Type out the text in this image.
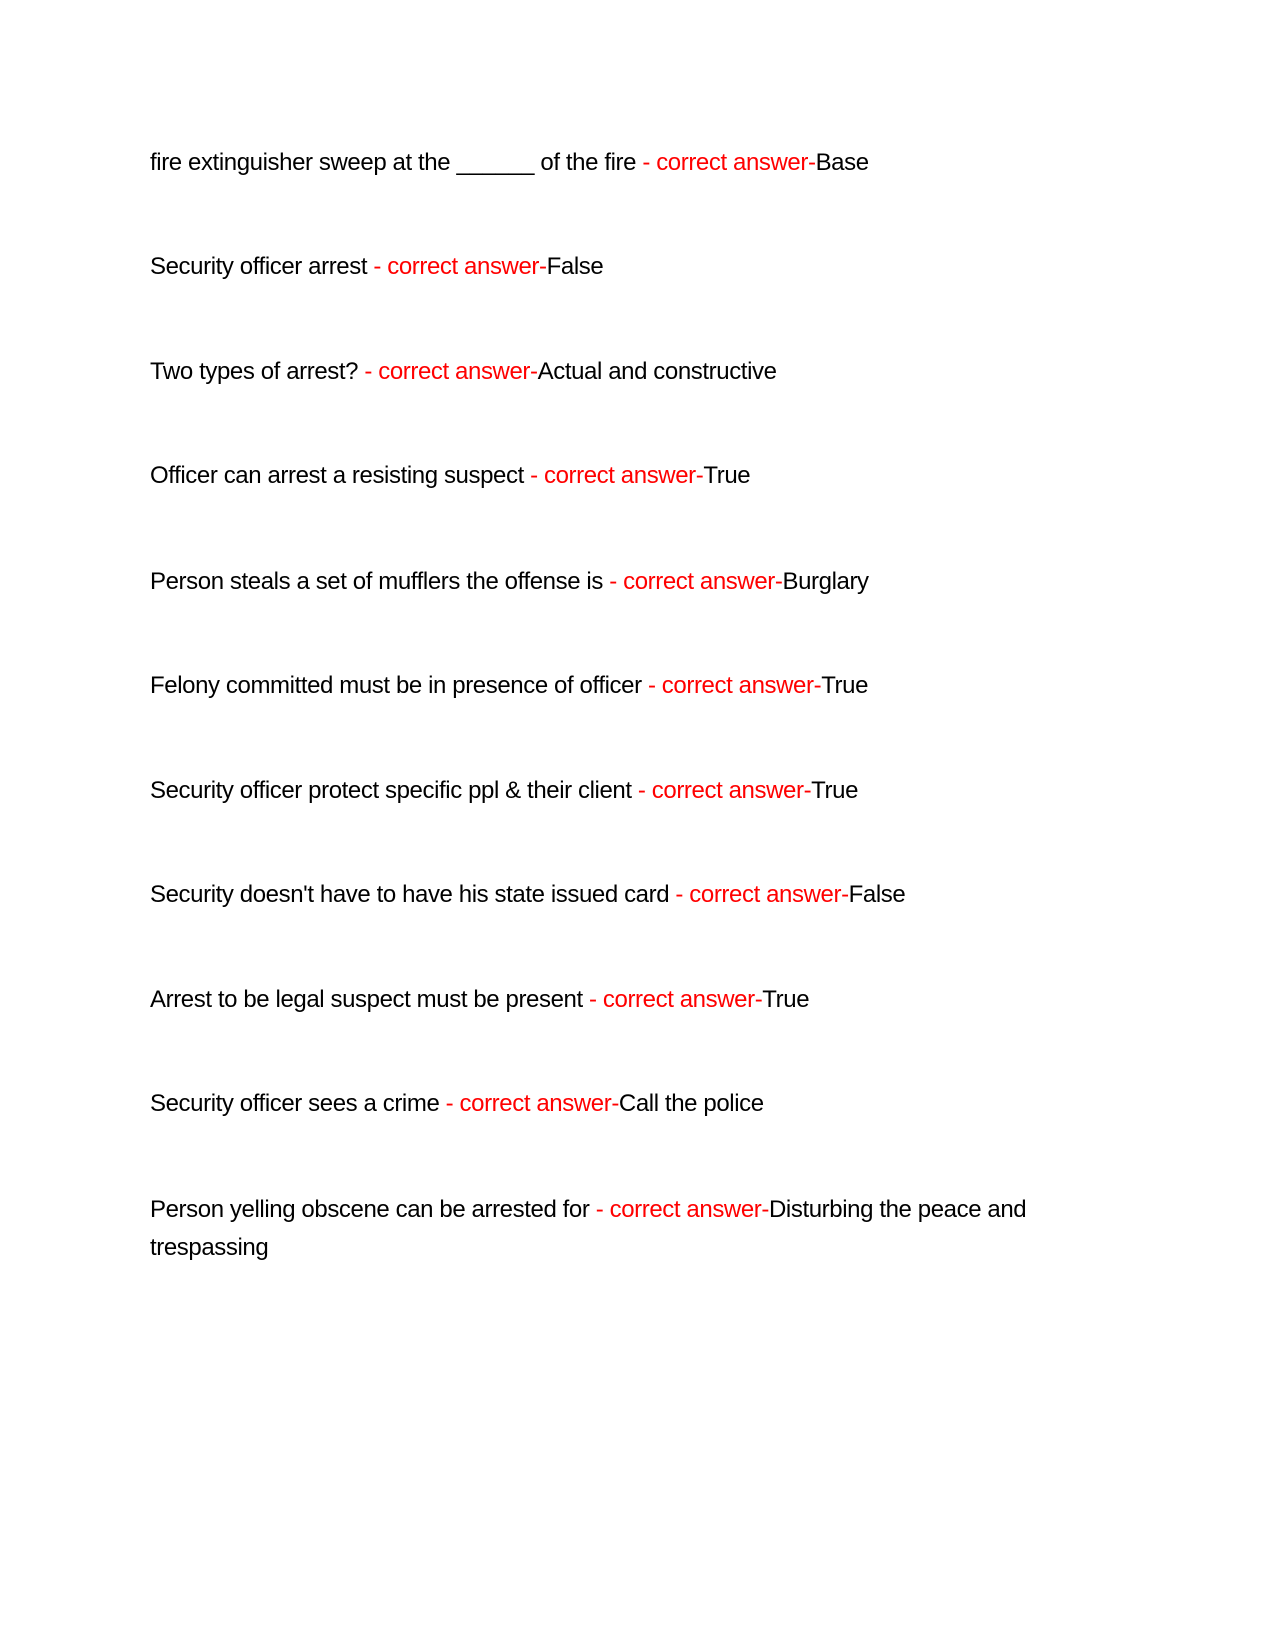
fire extinguisher sweep at the ______ of the fire - correct answer-Base

Security officer arrest - correct answer-False

Two types of arrest? - correct answer-Actual and constructive

Officer can arrest a resisting suspect - correct answer-True

Person steals a set of mufflers the offense is - correct answer-Burglary

Felony committed must be in presence of officer - correct answer-True

Security officer protect specific ppl & their client - correct answer-True

Security doesn't have to have his state issued card - correct answer-False

Arrest to be legal suspect must be present - correct answer-True

Security officer sees a crime - correct answer-Call the police

Person yelling obscene can be arrested for - correct answer-Disturbing the peace and trespassing
